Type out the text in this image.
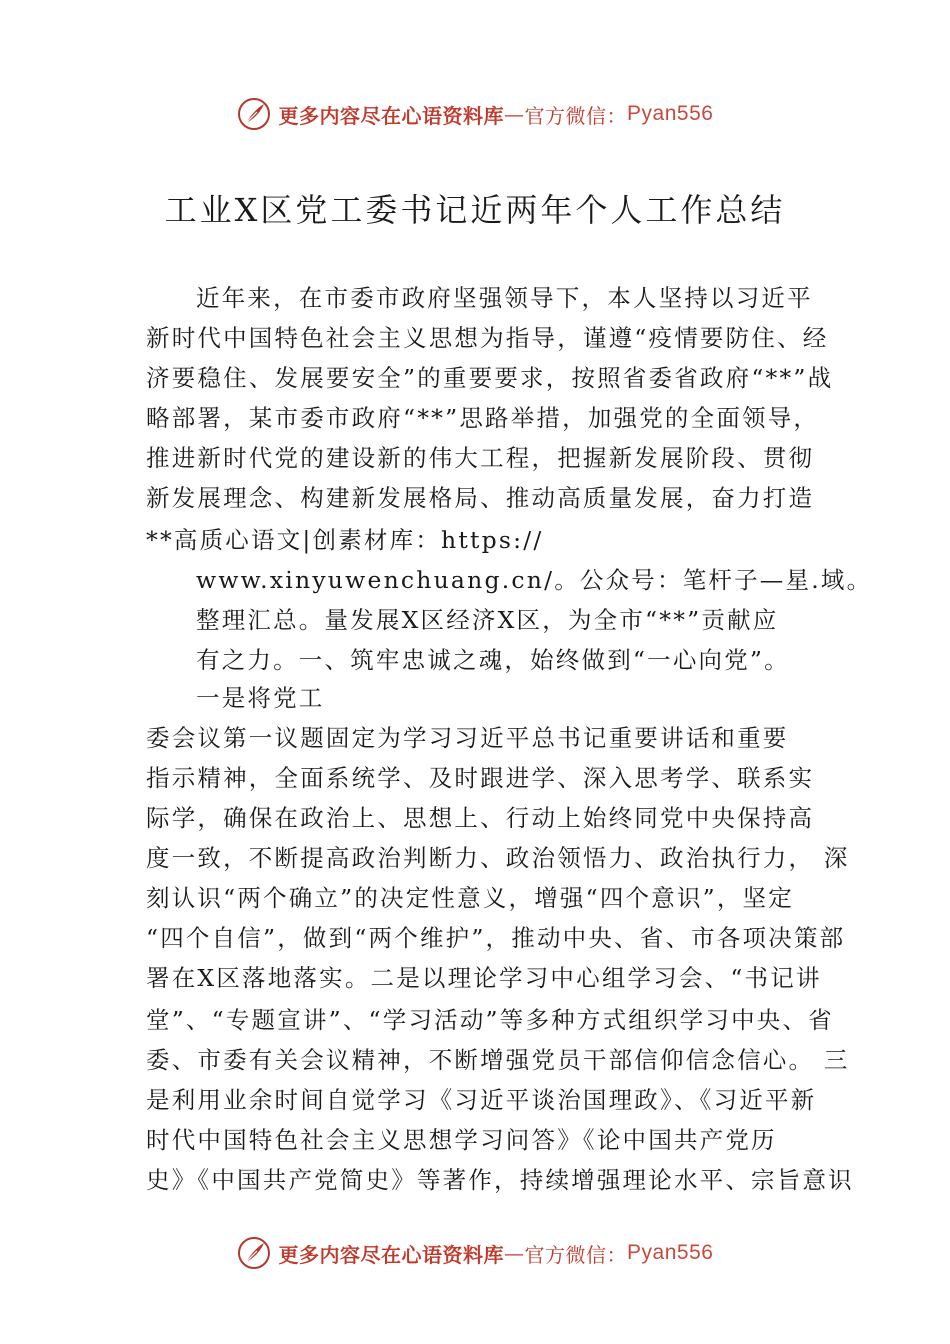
更多内容尽在心语资料库 — 官方微信： Pyan556
工业X区党工委书记近两年个人工作总结
近年来，在市委市政府坚强领导下，本人坚持以习近平
新时代中国特色社会主义思想为指导，谨遵“疫情要防住、经
济要稳住、发展要安全”的重要要求，按照省委省政府“**”战
略部署，某市委市政府“**”思路举措，加强党的全面领导，
推进新时代党的建设新的伟大工程，把握新发展阶段、贯彻
新发展理念、构建新发展格局、推动高质量发展，奋力打造
**高质心语文|创素材库：https://
www.xinyuwenchuang.cn/。公众号：笔杆子—星.域。
整理汇总。量发展X区经济X区，为全市“**”贡献应
有之力。一、筑牢忠诚之魂，始终做到“一心向党”。
一是将党工
委会议第一议题固定为学习习近平总书记重要讲话和重要
指示精神，全面系统学、及时跟进学、深入思考学、联系实
际学，确保在政治上、思想上、行动上始终同党中央保持高
度一致，不断提高政治判断力、政治领悟力、政治执行力， 深
刻认识“两个确立”的决定性意义，增强“四个意识”，坚定
“四个自信”，做到“两个维护”，推动中央、省、市各项决策部
署在X区落地落实。二是以理论学习中心组学习会、“书记讲
堂”、“专题宣讲”、“学习活动”等多种方式组织学习中央、省
委、市委有关会议精神，不断增强党员干部信仰信念信心。 三
是利用业余时间自觉学习《习近平谈治国理政》、《习近平新
时代中国特色社会主义思想学习问答》《论中国共产党历
史》《中国共产党简史》等著作，持续增强理论水平、宗旨意识
更多内容尽在心语资料库 — 官方微信： Pyan556
